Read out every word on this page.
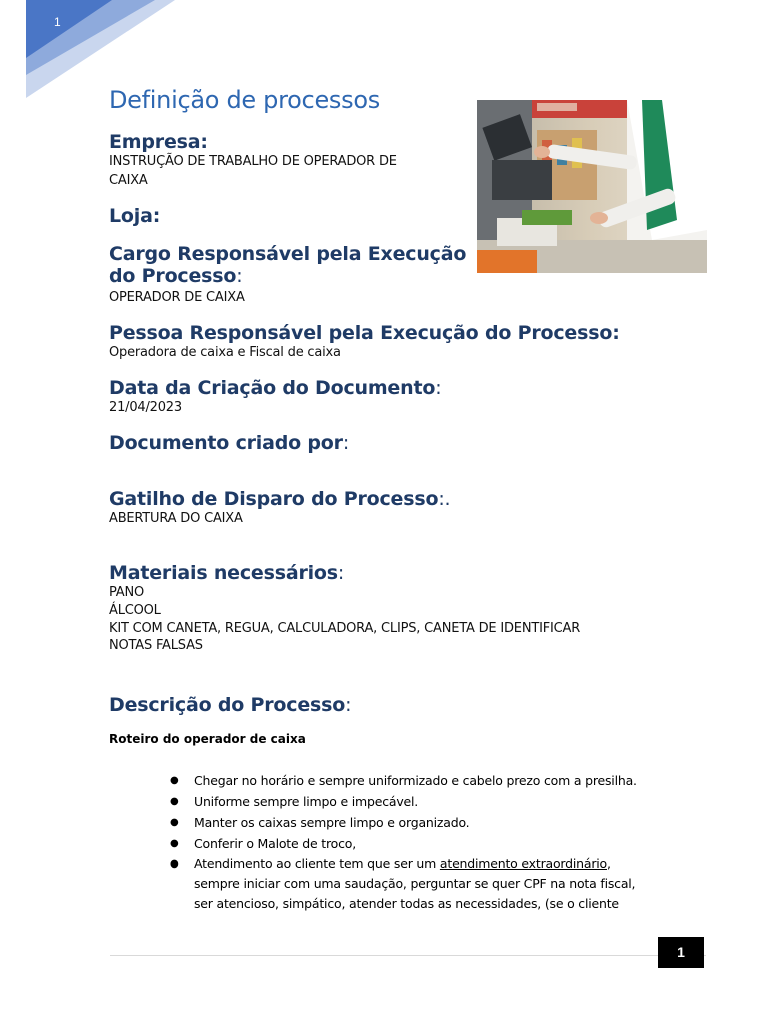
1
Definição de processos
Empresa:

INSTRUÇÃO DE TRABALHO DE OPERADOR DE

CAIXA

Loja:
Cargo Responsável pela Execução
do Processo:

OPERADOR DE CAIXA

Pessoa Responsável pela Execução do Processo:

Operadora de caixa e Fiscal de caixa

Data da Criação do Documento:

21/04/2023

Documento criado por:
Gatilho de Disparo do Processo:.

ABERTURA DO CAIXA

Materiais necessários:

PANO

ÁLCOOL

KIT COM CANETA, REGUA, CALCULADORA, CLIPS, CANETA DE IDENTIFICAR

NOTAS FALSAS

Descrição do Processo:
Roteiro do operador de caixa
● Chegar no horário e sempre uniformizado e cabelo prezo com a presilha.
● Uniforme sempre limpo e impecável.
● Manter os caixas sempre limpo e organizado.
● Conferir o Malote de troco,
● Atendimento ao cliente tem que ser um atendimento extraordinário,
sempre iniciar com uma saudação, perguntar se quer CPF na nota fiscal,
ser atencioso, simpático, atender todas as necessidades, (se o cliente
1
